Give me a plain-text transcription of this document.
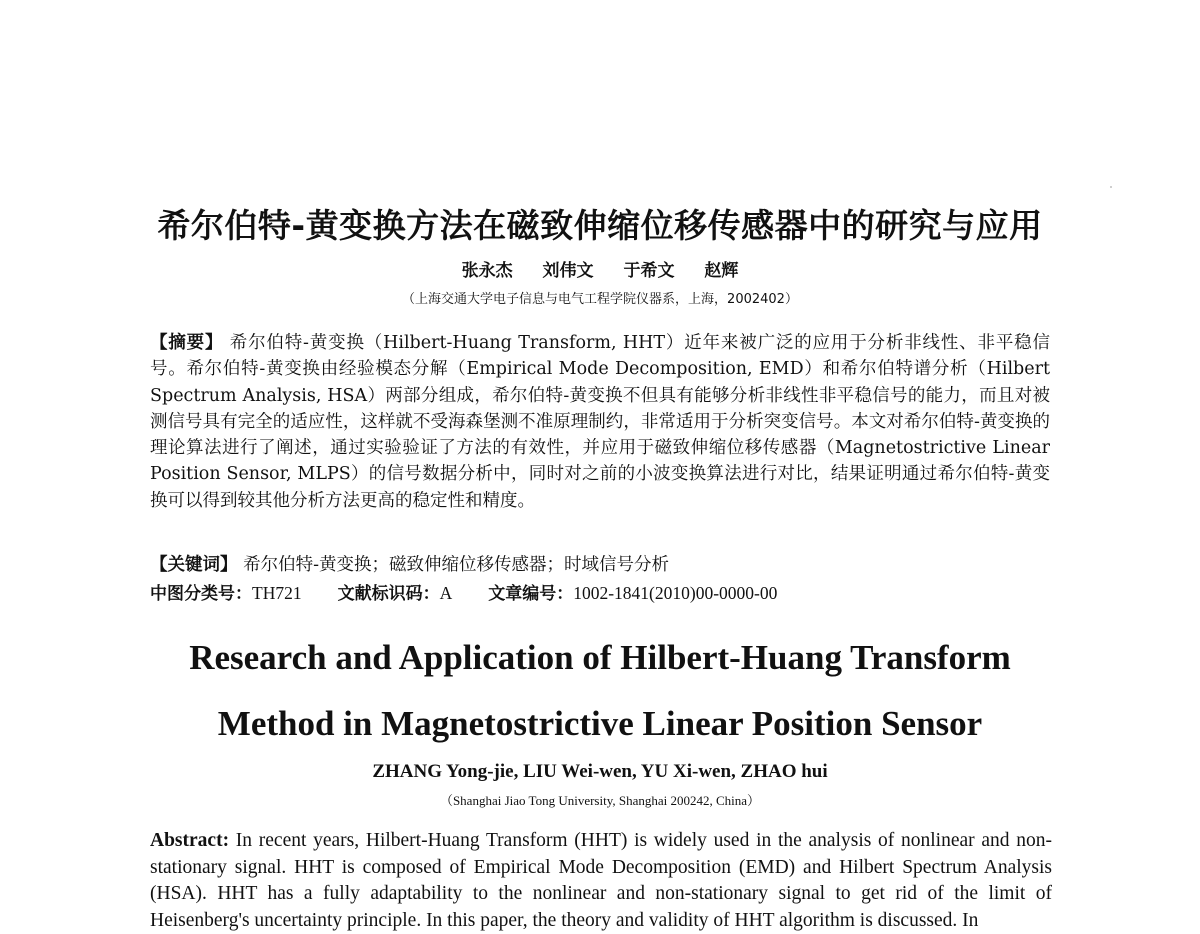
希尔伯特-黄变换方法在磁致伸缩位移传感器中的研究与应用
张永杰 刘伟文 于希文 赵辉
（上海交通大学电子信息与电气工程学院仪器系，上海，2002402）

【摘要】 希尔伯特-黄变换（Hilbert-Huang Transform, HHT）近年来被广泛的应用于分析非线性、非平稳信号。希尔伯特-黄变换由经验模态分解（Empirical Mode Decomposition, EMD）和希尔伯特谱分析（Hilbert Spectrum Analysis, HSA）两部分组成，希尔伯特-黄变换不但具有能够分析非线性非平稳信号的能力，而且对被测信号具有完全的适应性，这样就不受海森堡测不准原理制约，非常适用于分析突变信号。本文对希尔伯特-黄变换的理论算法进行了阐述，通过实验验证了方法的有效性，并应用于磁致伸缩位移传感器（Magnetostrictive Linear Position Sensor, MLPS）的信号数据分析中，同时对之前的小波变换算法进行对比，结果证明通过希尔伯特-黄变换可以得到较其他分析方法更高的稳定性和精度。

【关键词】 希尔伯特-黄变换；磁致伸缩位移传感器；时域信号分析

中图分类号：TH721 文献标识码：A 文章编号：1002-1841(2010)00-0000-00

Research and Application of Hilbert-Huang Transform
Method in Magnetostrictive Linear Position Sensor
ZHANG Yong-jie, LIU Wei-wen, YU Xi-wen, ZHAO hui
（Shanghai Jiao Tong University, Shanghai 200242, China）

Abstract: In recent years, Hilbert-Huang Transform (HHT) is widely used in the analysis of nonlinear and non-stationary signal. HHT is composed of Empirical Mode Decomposition (EMD) and Hilbert Spectrum Analysis (HSA). HHT has a fully adaptability to the nonlinear and non-stationary signal to get rid of the limit of Heisenberg's uncertainty principle. In this paper, the theory and validity of HHT algorithm is discussed. In
